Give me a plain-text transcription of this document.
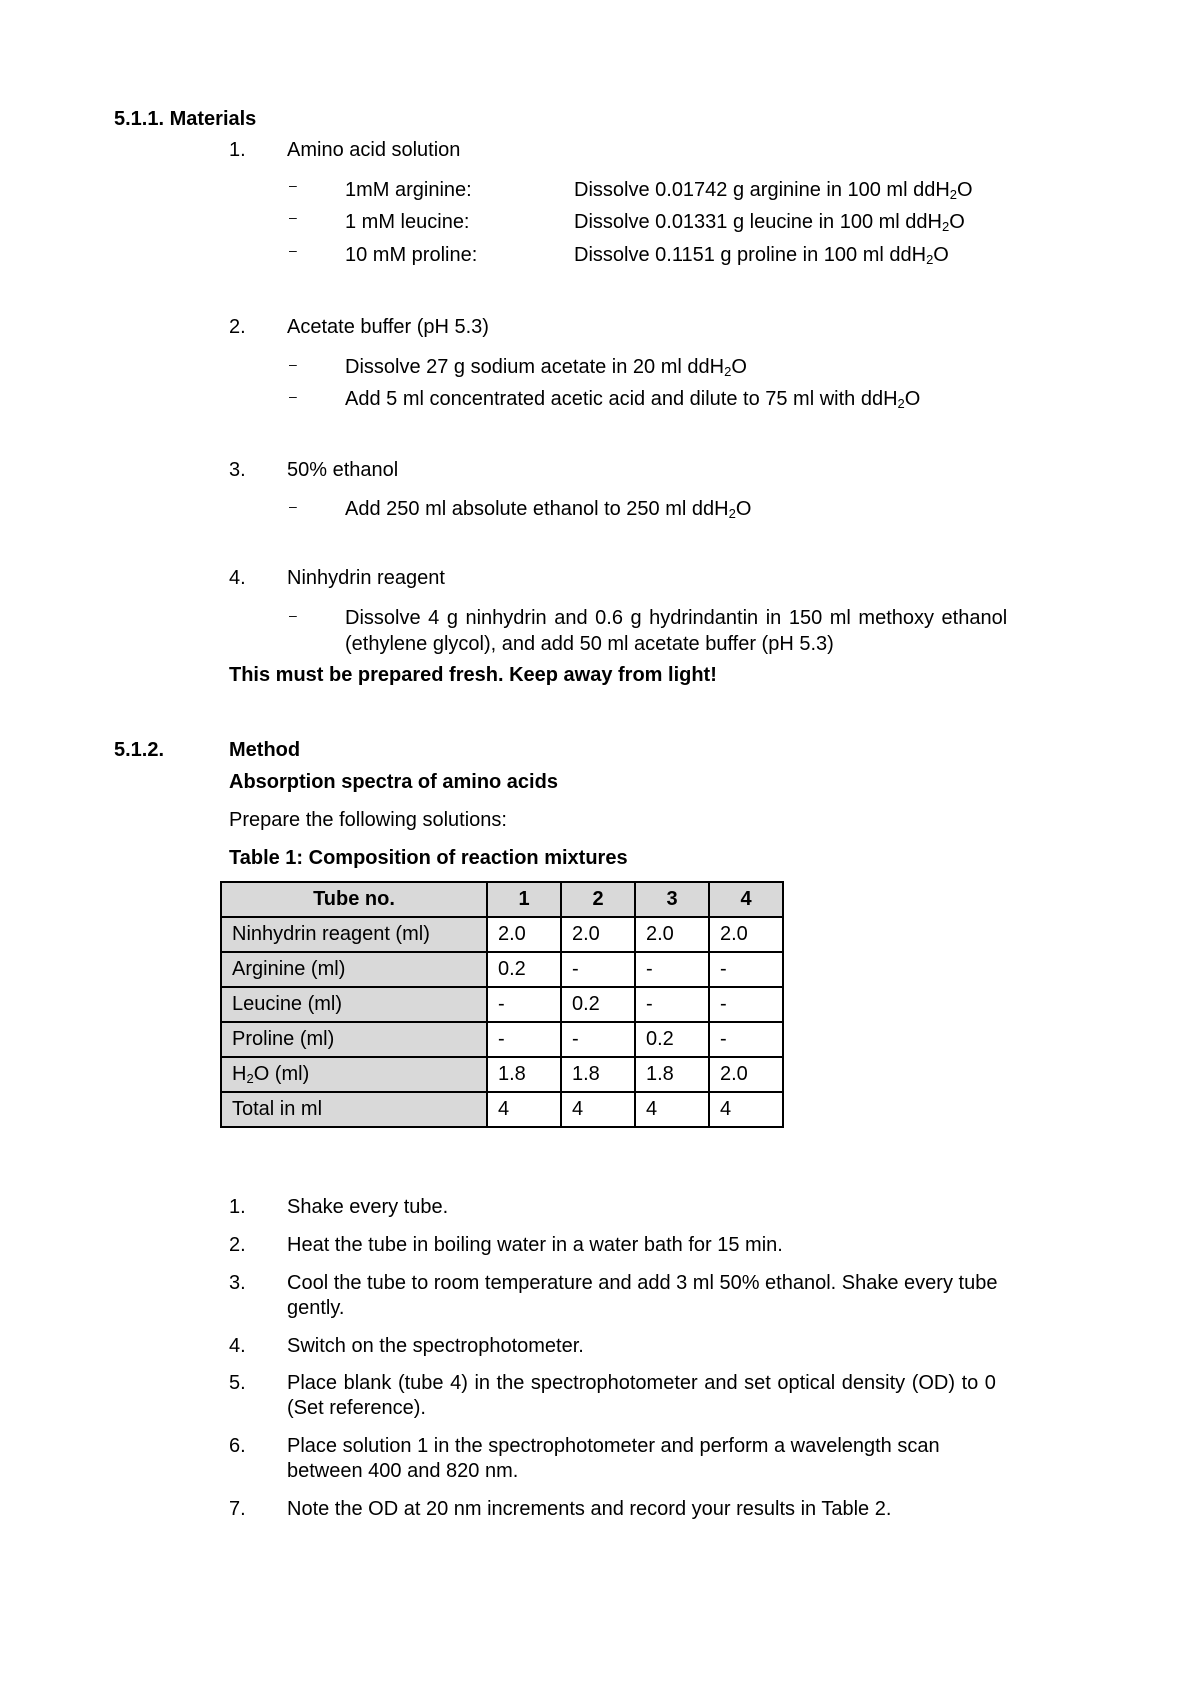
5.1.1. Materials
1. Amino acid solution
– 1mM arginine:	Dissolve 0.01742 g arginine in 100 ml ddH$_2$O
– 1 mM leucine:	Dissolve 0.01331 g leucine in 100 ml ddH$_2$O
– 10 mM proline:	Dissolve 0.1151 g proline in 100 ml ddH$_2$O
2. Acetate buffer (pH 5.3)
– Dissolve 27 g sodium acetate in 20 ml ddH$_2$O
– Add 5 ml concentrated acetic acid and dilute to 75 ml with ddH$_2$O
3. 50% ethanol
– Add 250 ml absolute ethanol to 250 ml ddH$_2$O
4. Ninhydrin reagent
– Dissolve 4 g ninhydrin and 0.6 g hydrindantin in 150 ml methoxy ethanol
(ethylene glycol), and add 50 ml acetate buffer (pH 5.3)
This must be prepared fresh. Keep away from light!
5.1.2.	Method
Absorption spectra of amino acids
Prepare the following solutions:
Table 1: Composition of reaction mixtures
Tube no.	1	2	3	4
Ninhydrin reagent (ml)	2.0	2.0	2.0	2.0
Arginine (ml)	0.2	-	-	-
Leucine (ml)	-	0.2	-	-
Proline (ml)	-	-	0.2	-
$H_2O$ (ml)	1.8	1.8	1.8	2.0
Total in ml	4	4	4	4
1. Shake every tube.
2. Heat the tube in boiling water in a water bath for 15 min.
3. Cool the tube to room temperature and add 3 ml 50% ethanol. Shake every tube
gently.
4. Switch on the spectrophotometer.
5. Place blank (tube 4) in the spectrophotometer and set optical density (OD) to 0
(Set reference).
6. Place solution 1 in the spectrophotometer and perform a wavelength scan
between 400 and 820 nm.
7. Note the OD at 20 nm increments and record your results in Table 2.
